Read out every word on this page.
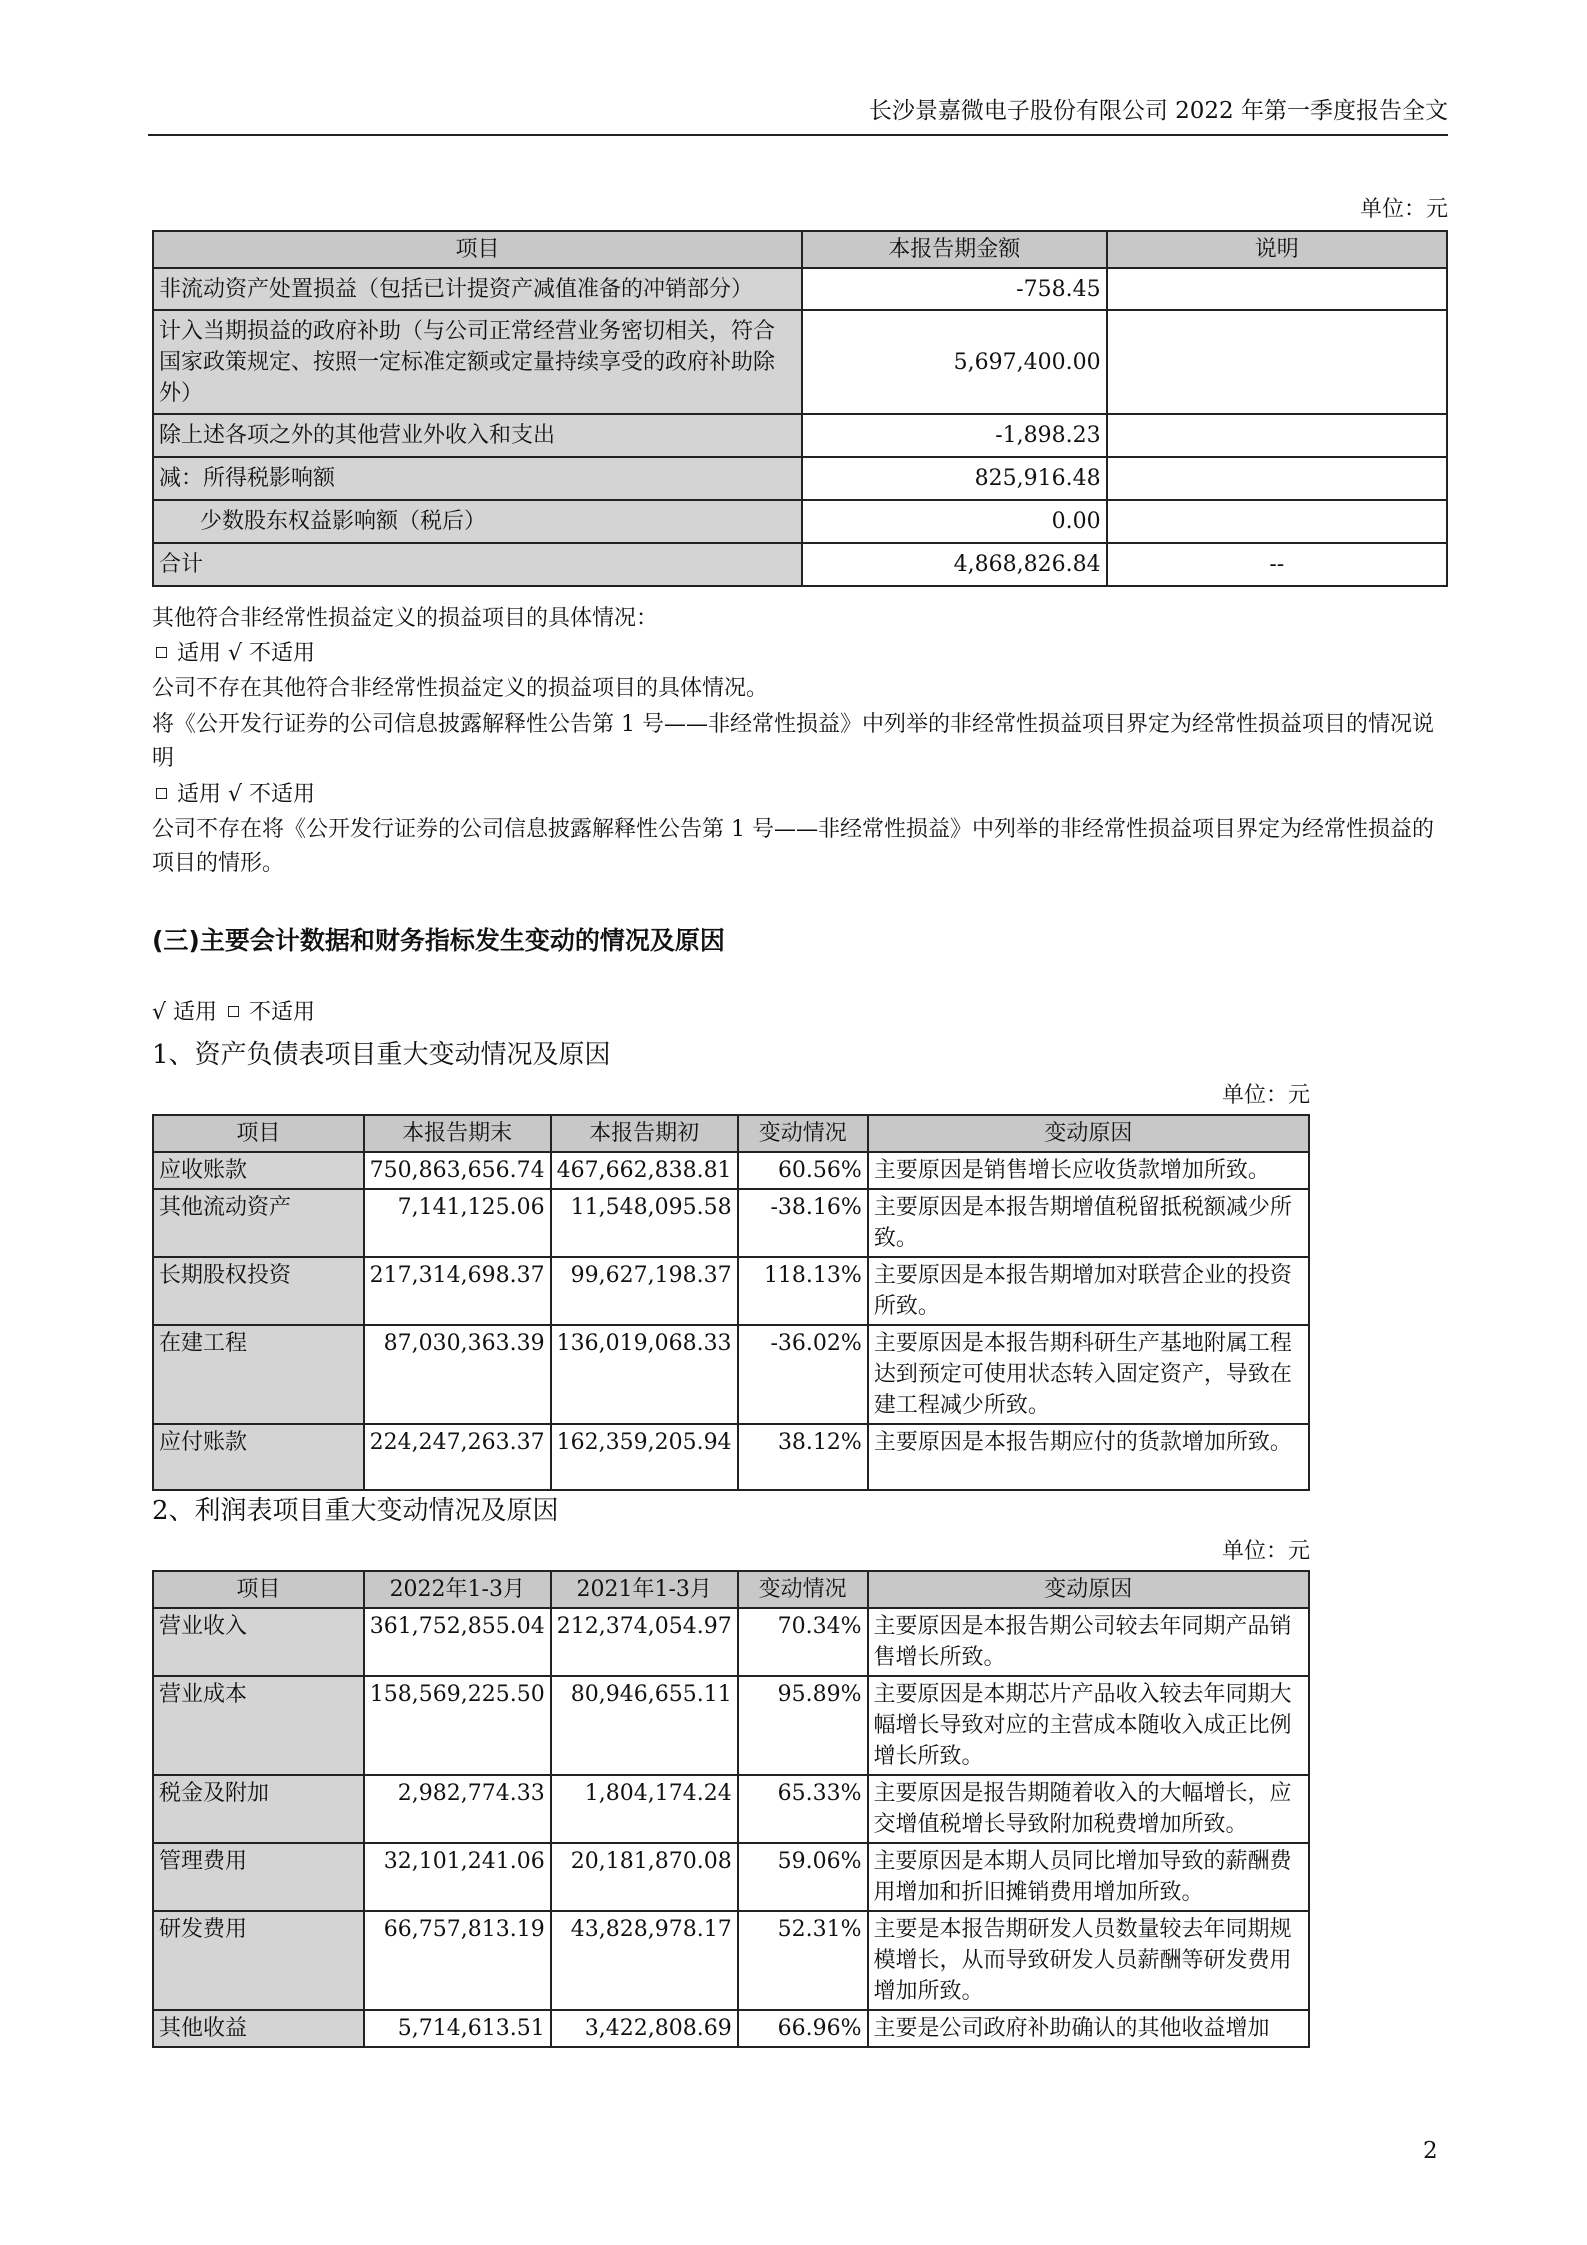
长沙景嘉微电子股份有限公司 2022 年第一季度报告全文
单位：元
项目	本报告期金额	说明
非流动资产处置损益（包括已计提资产减值准备的冲销部分）	-758.45	
计入当期损益的政府补助（与公司正常经营业务密切相关，符合国家政策规定、按照一定标准定额或定量持续享受的政府补助除外）	5,697,400.00	
除上述各项之外的其他营业外收入和支出	-1,898.23	
减：所得税影响额	825,916.48	
少数股东权益影响额（税后）	0.00	
合计	4,868,826.84	--
其他符合非经常性损益定义的损益项目的具体情况：
适用 √ 不适用
公司不存在其他符合非经常性损益定义的损益项目的具体情况。
将《公开发行证券的公司信息披露解释性公告第 1 号——非经常性损益》中列举的非经常性损益项目界定为经常性损益项目的情况说明
适用 √ 不适用
公司不存在将《公开发行证券的公司信息披露解释性公告第 1 号——非经常性损益》中列举的非经常性损益项目界定为经常性损益的项目的情形。
(三)主要会计数据和财务指标发生变动的情况及原因
√ 适用 不适用
1、资产负债表项目重大变动情况及原因
单位：元
项目	本报告期末	本报告期初	变动情况	变动原因
应收账款	750,863,656.74	467,662,838.81	60.56%	主要原因是销售增长应收货款增加所致。
其他流动资产	7,141,125.06	11,548,095.58	-38.16%	主要原因是本报告期增值税留抵税额减少所致。
长期股权投资	217,314,698.37	99,627,198.37	118.13%	主要原因是本报告期增加对联营企业的投资所致。
在建工程	87,030,363.39	136,019,068.33	-36.02%	主要原因是本报告期科研生产基地附属工程达到预定可使用状态转入固定资产，导致在建工程减少所致。
应付账款	224,247,263.37	162,359,205.94	38.12%	主要原因是本报告期应付的货款增加所致。
2、利润表项目重大变动情况及原因
单位：元
项目	2022年1-3月	2021年1-3月	变动情况	变动原因
营业收入	361,752,855.04	212,374,054.97	70.34%	主要原因是本报告期公司较去年同期产品销售增长所致。
营业成本	158,569,225.50	80,946,655.11	95.89%	主要原因是本期芯片产品收入较去年同期大幅增长导致对应的主营成本随收入成正比例增长所致。
税金及附加	2,982,774.33	1,804,174.24	65.33%	主要原因是报告期随着收入的大幅增长，应交增值税增长导致附加税费增加所致。
管理费用	32,101,241.06	20,181,870.08	59.06%	主要原因是本期人员同比增加导致的薪酬费用增加和折旧摊销费用增加所致。
研发费用	66,757,813.19	43,828,978.17	52.31%	主要是本报告期研发人员数量较去年同期规模增长，从而导致研发人员薪酬等研发费用增加所致。
其他收益	5,714,613.51	3,422,808.69	66.96%	主要是公司政府补助确认的其他收益增加
2
